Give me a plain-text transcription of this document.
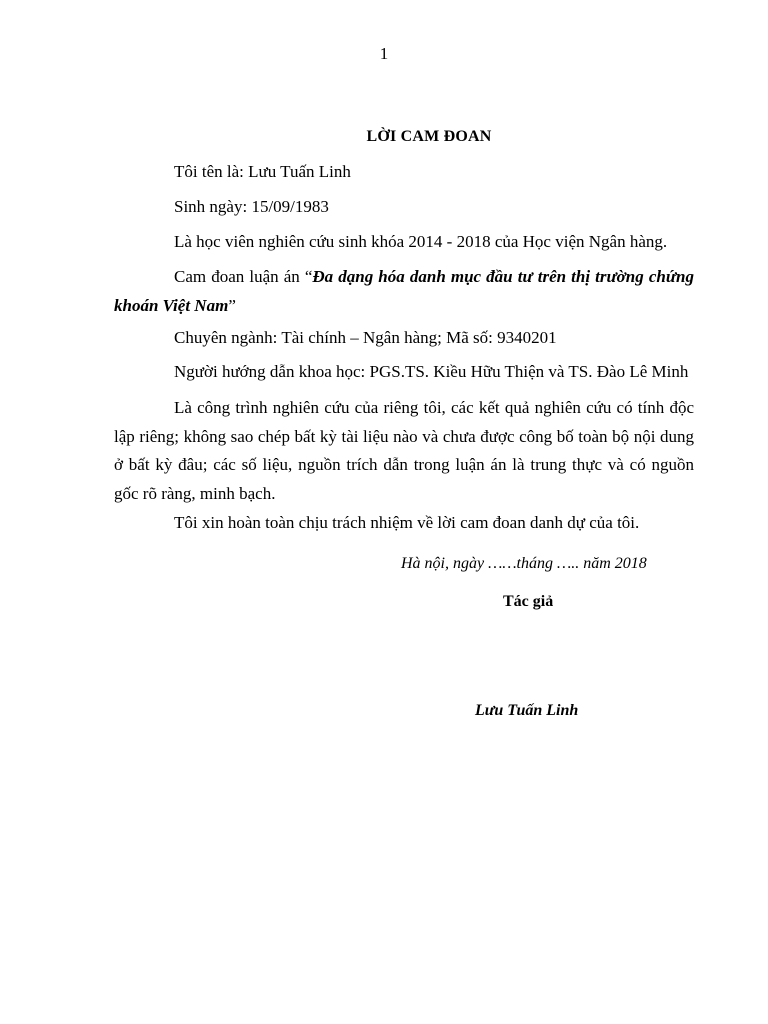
1
LỜI CAM ĐOAN
Tôi tên là: Lưu Tuấn Linh
Sinh ngày: 15/09/1983
Là học viên nghiên cứu sinh khóa 2014 - 2018 của Học viện Ngân hàng.
Cam đoan luận án “Đa dạng hóa danh mục đầu tư trên thị trường chứng khoán Việt Nam”
Chuyên ngành: Tài chính – Ngân hàng; Mã số: 9340201
Người hướng dẫn khoa học: PGS.TS. Kiều Hữu Thiện và TS. Đào Lê Minh
Là công trình nghiên cứu của riêng tôi, các kết quả nghiên cứu có tính độc lập riêng; không sao chép bất kỳ tài liệu nào và chưa được công bố toàn bộ nội dung ở bất kỳ đâu; các số liệu, nguồn trích dẫn trong luận án là trung thực và có nguồn gốc rõ ràng, minh bạch.
Tôi xin hoàn toàn chịu trách nhiệm về lời cam đoan danh dự của tôi.
Hà nội, ngày ……tháng ….. năm 2018
Tác giả
Lưu Tuấn Linh
